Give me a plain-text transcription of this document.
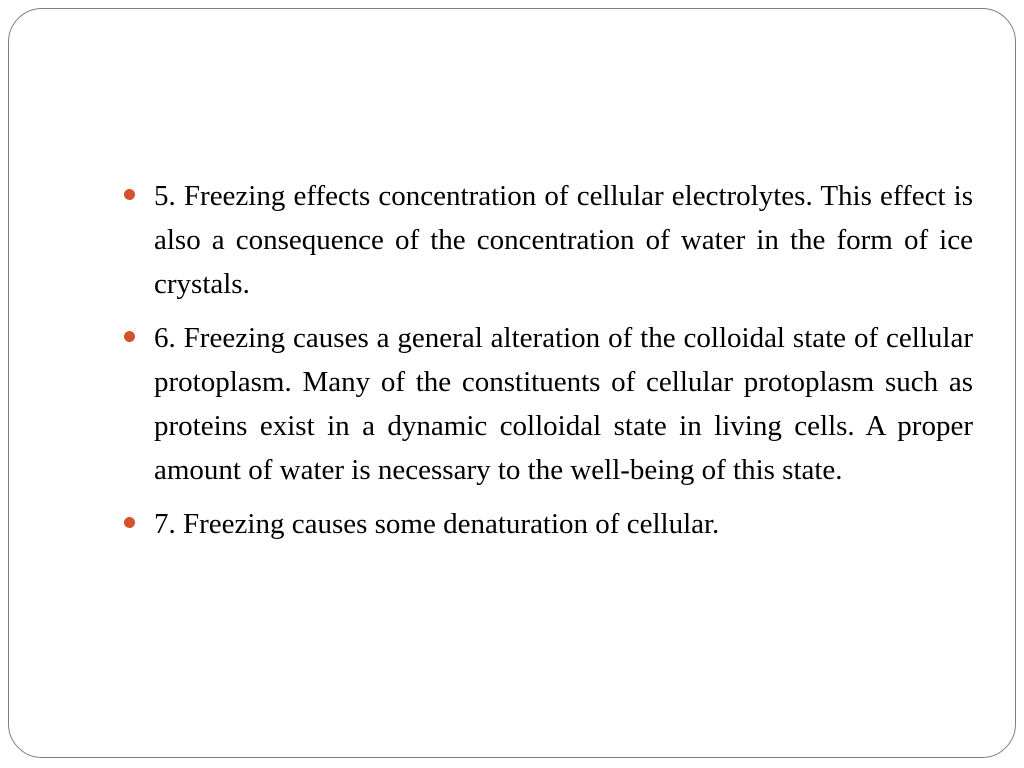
5. Freezing effects concentration of cellular electrolytes. This effect is also a consequence of the concentration of water in the form of ice crystals.
6. Freezing causes a general alteration of the colloidal state of cellular protoplasm. Many of the constituents of cellular protoplasm such as proteins exist in a dynamic colloidal state in living cells. A proper amount of water is necessary to the well-being of this state.
7. Freezing causes some denaturation of cellular.
